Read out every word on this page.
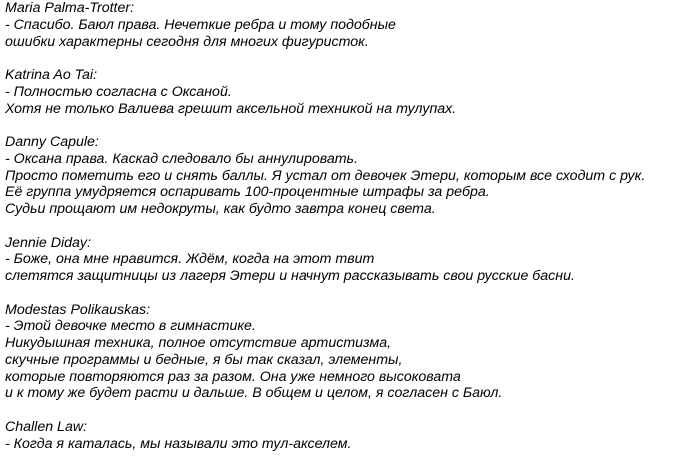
Maria Palma-Trotter:
- Спасибо. Баюл права. Нечеткие ребра и тому подобные
ошибки характерны сегодня для многих фигуристок.
Katrina Ao Tai:
- Полностью согласна с Оксаной.
Хотя не только Валиева грешит аксельной техникой на тулупах.
Danny Capule:
- Оксана права. Каскад следовало бы аннулировать.
Просто пометить его и снять баллы. Я устал от девочек Этери, которым все сходит с рук.
Её группа умудряется оспаривать 100-процентные штрафы за ребра.
Судьи прощают им недокруты, как будто завтра конец света.
Jennie Diday:
- Боже, она мне нравится. Ждём, когда на этот твит
слетятся защитницы из лагеря Этери и начнут рассказывать свои русские басни.
Modestas Polikauskas:
- Этой девочке место в гимнастике.
Никудышная техника, полное отсутствие артистизма,
скучные программы и бедные, я бы так сказал, элементы,
которые повторяются раз за разом. Она уже немного высоковата
и к тому же будет расти и дальше. В общем и целом, я согласен с Баюл.
Challen Law:
- Когда я каталась, мы называли это тул-акселем.
